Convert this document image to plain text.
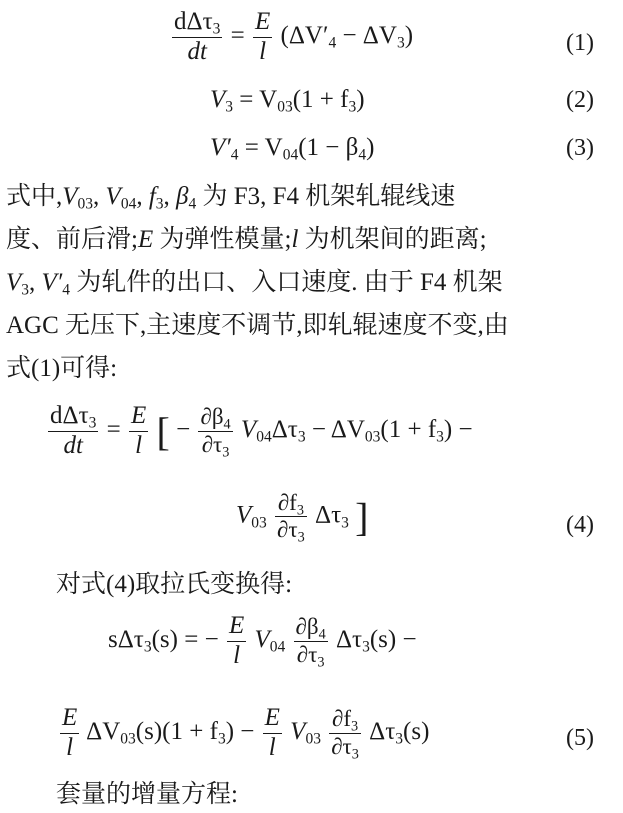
$\frac{d\Delta\tau_3}{dt} = \frac{E}{l} (\Delta V'_4 - \Delta V_3)$	(1)
$V_3 = V_{03}(1 + f_3)$	(2)
$V'_4 = V_{04}(1 - \beta_4)$	(3)
式中$,V_{03}$, $V_{04}$, $f_3$, $\beta_4$ 为 F3, F4 机架轧辊线速
度、前后滑;E 为弹性模量;l 为机架间的距离;
$V_3$, $V'_4$ 为轧件的出口、入口速度. 由于 F4 机架
AGC 无压下,主速度不调节,即轧辊速度不变,由
式(1)可得:
$\frac{d\Delta\tau_3}{dt} = \frac{E}{l}$ [ − $\frac{\partial\beta_4}{\partial\tau_3} V_{04}\Delta\tau_3 - \Delta V_{03}(1 + f_3)$ −
$V_{03} \frac{\partial f_3}{\partial\tau_3} \Delta\tau_3$ ]	(4)
对式(4)取拉氏变换得:
sΔτ$_3$(s) = − $\frac{E}{l} V_{04} \frac{\partial\beta_4}{\partial\tau_3} \Delta\tau_3(s)$ −
$\frac{E}{l} \Delta V_{03}(s)(1 + f_3) - \frac{E}{l} V_{03} \frac{\partial f_3}{\partial\tau_3} \Delta\tau_3(s)$	(5)
套量的增量方程:
